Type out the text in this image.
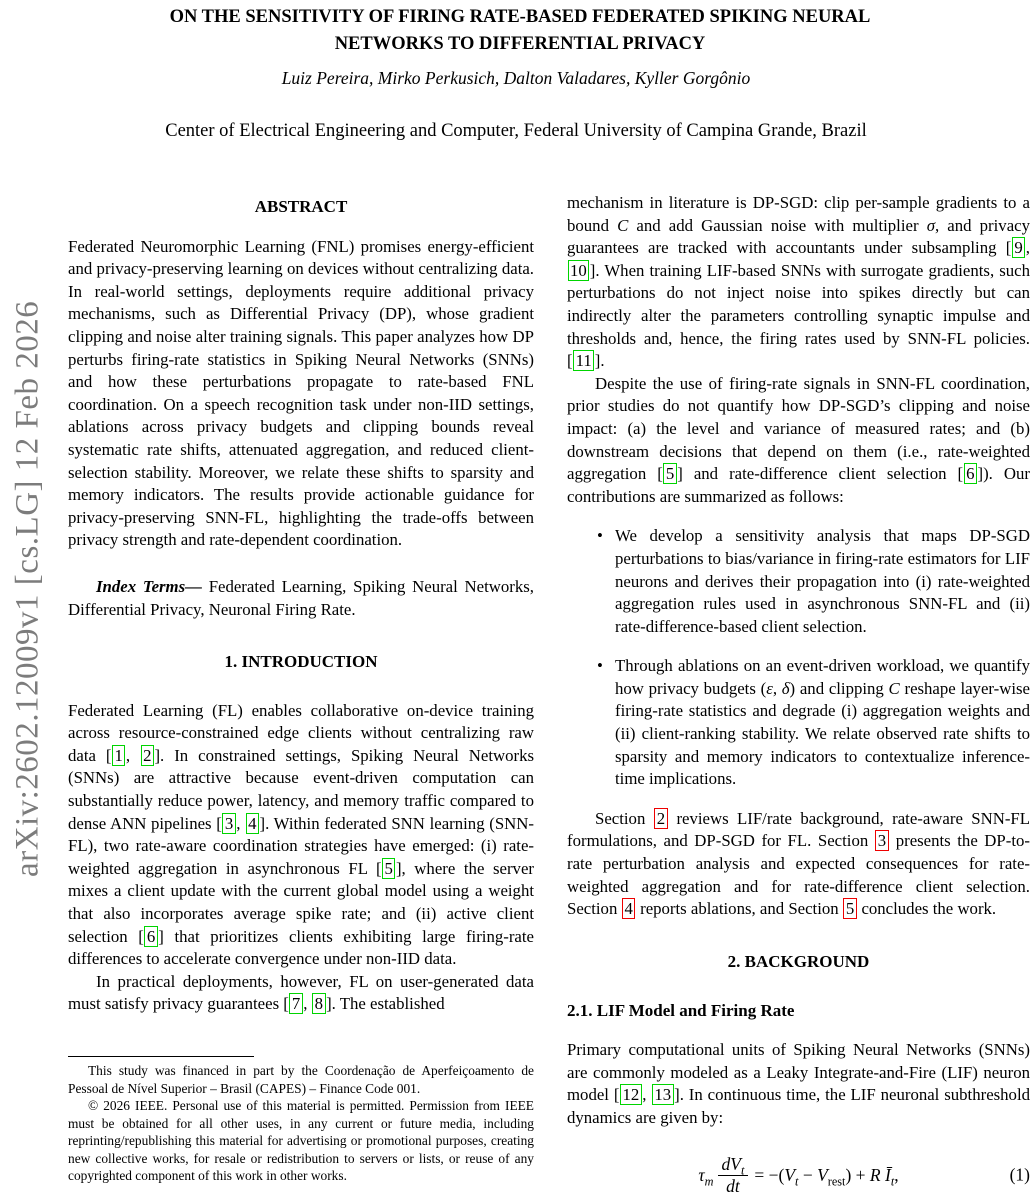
arXiv:2602.12009v1 [cs.LG] 12 Feb 2026
ON THE SENSITIVITY OF FIRING RATE-BASED FEDERATED SPIKING NEURAL
NETWORKS TO DIFFERENTIAL PRIVACY
Luiz Pereira, Mirko Perkusich, Dalton Valadares, Kyller Gorgônio
Center of Electrical Engineering and Computer, Federal University of Campina Grande, Brazil
ABSTRACT

Federated Neuromorphic Learning (FNL) promises energy-efficient and privacy-preserving learning on devices without centralizing data. In real-world settings, deployments require additional privacy mechanisms, such as Differential Privacy (DP), whose gradient clipping and noise alter training signals. This paper analyzes how DP perturbs firing-rate statistics in Spiking Neural Networks (SNNs) and how these perturbations propagate to rate-based FNL coordination. On a speech recognition task under non-IID settings, ablations across privacy budgets and clipping bounds reveal systematic rate shifts, attenuated aggregation, and reduced client-selection stability. Moreover, we relate these shifts to sparsity and memory indicators. The results provide actionable guidance for privacy-preserving SNN-FL, highlighting the trade-offs between privacy strength and rate-dependent coordination.

Index Terms— Federated Learning, Spiking Neural Networks, Differential Privacy, Neuronal Firing Rate.

1. INTRODUCTION

Federated Learning (FL) enables collaborative on-device training across resource-constrained edge clients without centralizing raw data [ 1 , 2 ]. In constrained settings, Spiking Neural Networks (SNNs) are attractive because event-driven computation can substantially reduce power, latency, and memory traffic compared to dense ANN pipelines [ 3 , 4 ]. Within federated SNN learning (SNN-FL), two rate-aware coordination strategies have emerged: (i) rate-weighted aggregation in asynchronous FL [ 5 ], where the server mixes a client update with the current global model using a weight that also incorporates average spike rate; and (ii) active client selection [ 6 ] that prioritizes clients exhibiting large firing-rate differences to accelerate convergence under non-IID data.

In practical deployments, however, FL on user-generated data must satisfy privacy guarantees [ 7 , 8 ]. The established

This study was financed in part by the Coordenação de Aperfeiçoamento de Pessoal de Nível Superior – Brasil (CAPES) – Finance Code 001.

© 2026 IEEE. Personal use of this material is permitted. Permission from IEEE must be obtained for all other uses, in any current or future media, including reprinting/republishing this material for advertising or promotional purposes, creating new collective works, for resale or redistribution to servers or lists, or reuse of any copyrighted component of this work in other works.

mechanism in literature is DP-SGD: clip per-sample gradients to a bound C and add Gaussian noise with multiplier σ, and privacy guarantees are tracked with accountants under subsampling [ 9 , 10 ]. When training LIF-based SNNs with surrogate gradients, such perturbations do not inject noise into spikes directly but can indirectly alter the parameters controlling synaptic impulse and thresholds and, hence, the firing rates used by SNN-FL policies. [ 11 ].

Despite the use of firing-rate signals in SNN-FL coordination, prior studies do not quantify how DP-SGD’s clipping and noise impact: (a) the level and variance of measured rates; and (b) downstream decisions that depend on them (i.e., rate-weighted aggregation [ 5 ] and rate-difference client selection [ 6 ]). Our contributions are summarized as follows:

• We develop a sensitivity analysis that maps DP-SGD perturbations to bias/variance in firing-rate estimators for LIF neurons and derives their propagation into (i) rate-weighted aggregation rules used in asynchronous SNN-FL and (ii) rate-difference-based client selection.
• Through ablations on an event-driven workload, we quantify how privacy budgets (ε, δ) and clipping C reshape layer-wise firing-rate statistics and degrade (i) aggregation weights and (ii) client-ranking stability. We relate observed rate shifts to sparsity and memory indicators to contextualize inference-time implications.

Section 2 reviews LIF/rate background, rate-aware SNN-FL formulations, and DP-SGD for FL. Section 3 presents the DP-to-rate perturbation analysis and expected consequences for rate-weighted aggregation and for rate-difference client selection. Section 4 reports ablations, and Section 5 concludes the work.

2. BACKGROUND
2.1. LIF Model and Firing Rate

Primary computational units of Spiking Neural Networks (SNNs) are commonly modeled as a Leaky Integrate-and-Fire (LIF) neuron model [ 12 , 13 ]. In continuous time, the LIF neuronal subthreshold dynamics are given by:

$\tau_m \frac{dV_t}{dt} = -(V_t - V_{rest}) + R$ $Ī_t$,	(1)
